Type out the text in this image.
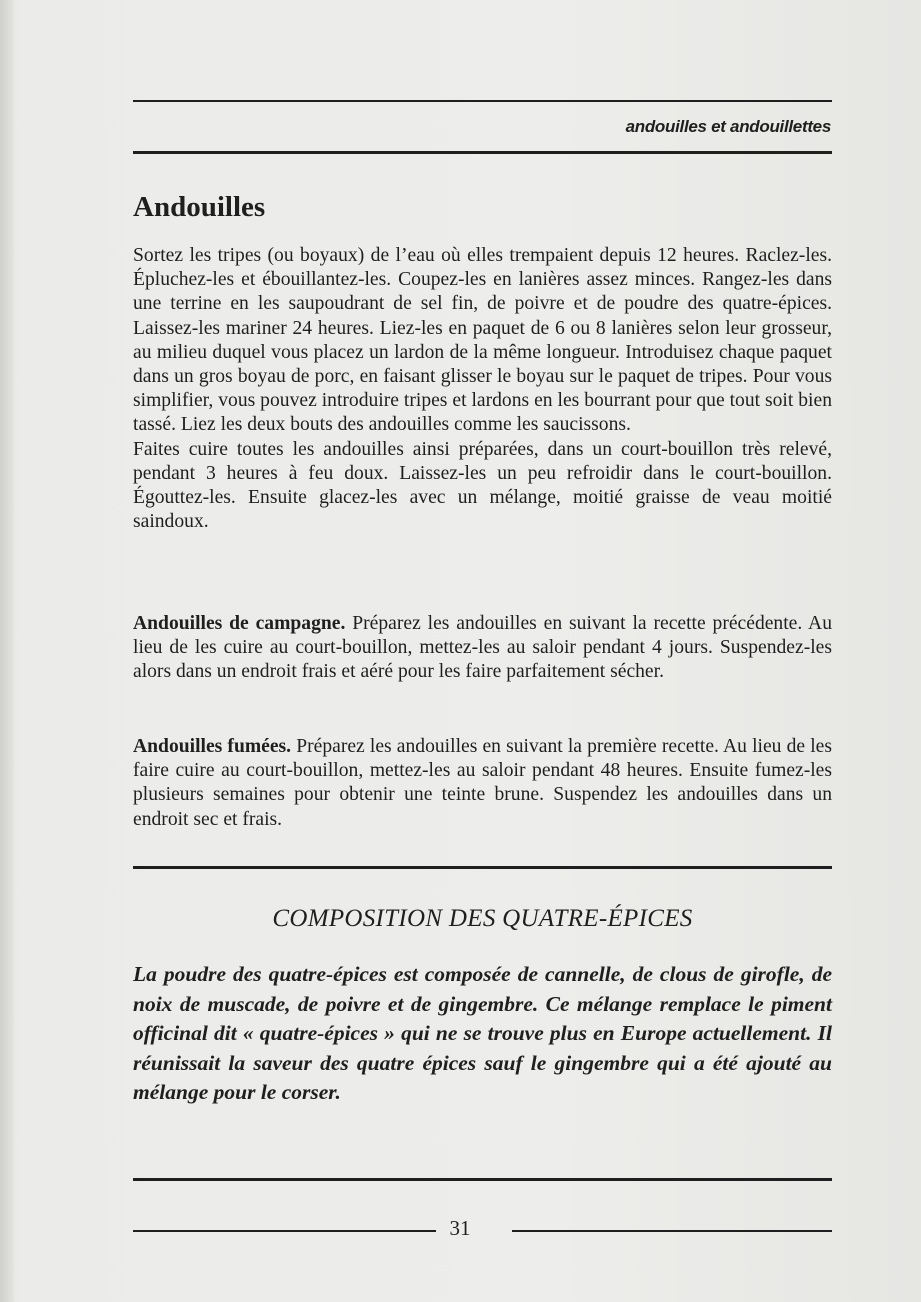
andouilles et andouillettes
Andouilles

Sortez les tripes (ou boyaux) de l’eau où elles trempaient depuis 12 heures. Raclez-les. Épluchez-les et ébouillantez-les. Coupez-les en lanières assez minces. Rangez-les dans une terrine en les saupoudrant de sel fin, de poivre et de poudre des quatre-épices. Laissez-les mariner 24 heures. Liez-les en paquet de 6 ou 8 lanières selon leur grosseur, au milieu duquel vous placez un lardon de la même longueur. Introduisez chaque paquet dans un gros boyau de porc, en faisant glisser le boyau sur le paquet de tripes. Pour vous simplifier, vous pouvez introduire tripes et lardons en les bourrant pour que tout soit bien tassé. Liez les deux bouts des andouilles comme les saucissons.

Faites cuire toutes les andouilles ainsi préparées, dans un court-bouillon très relevé, pendant 3 heures à feu doux. Laissez-les un peu refroidir dans le court-bouillon. Égouttez-les. Ensuite glacez-les avec un mélange, moitié graisse de veau moitié saindoux.

Andouilles de campagne. Préparez les andouilles en suivant la recette précédente. Au lieu de les cuire au court-bouillon, mettez-les au saloir pendant 4 jours. Suspendez-les alors dans un endroit frais et aéré pour les faire parfaitement sécher.

Andouilles fumées. Préparez les andouilles en suivant la première recette. Au lieu de les faire cuire au court-bouillon, mettez-les au saloir pendant 48 heures. Ensuite fumez-les plusieurs semaines pour obtenir une teinte brune. Suspendez les andouilles dans un endroit sec et frais.

COMPOSITION DES QUATRE-ÉPICES

La poudre des quatre-épices est composée de cannelle, de clous de girofle, de noix de muscade, de poivre et de gingembre. Ce mélange remplace le piment officinal dit « quatre-épices » qui ne se trouve plus en Europe actuellement. Il réunissait la saveur des quatre épices sauf le gingembre qui a été ajouté au mélange pour le corser.

31
